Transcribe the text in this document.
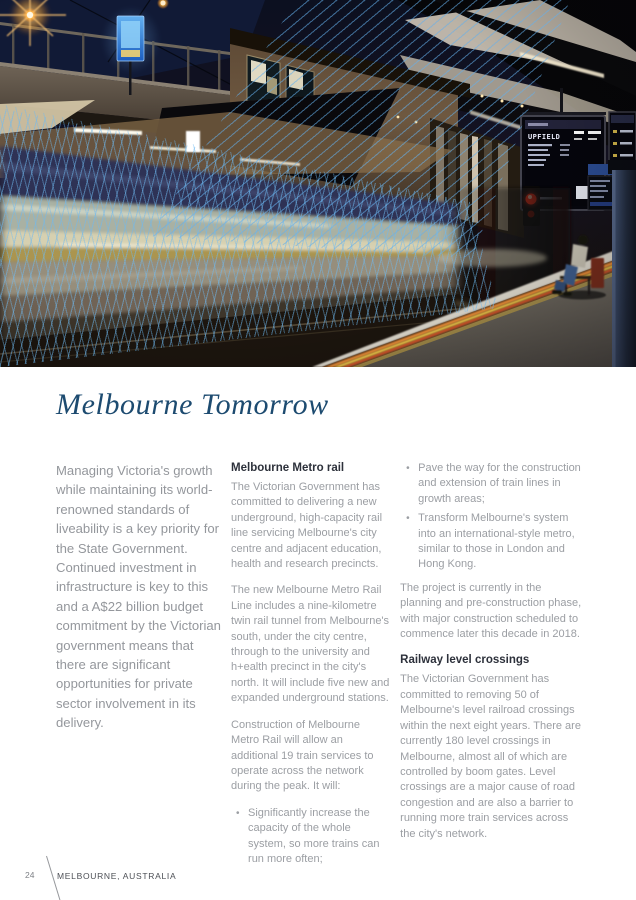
Melbourne Tomorrow

Managing Victoria's growth while maintaining its world-renowned standards of liveability is a key priority for the State Government. Continued investment in infrastructure is key to this and a A$22 billion budget commitment by the Victorian government means that there are significant opportunities for private sector involvement in its delivery.

Melbourne Metro rail

The Victorian Government has committed to delivering a new underground, high-capacity rail line servicing Melbourne's city centre and adjacent education, health and research precincts.

The new Melbourne Metro Rail Line includes a nine-kilometre twin rail tunnel from Melbourne's south, under the city centre, through to the university and h+ealth precinct in the city's north. It will include five new and expanded underground stations.

Construction of Melbourne Metro Rail will allow an additional 19 train services to operate across the network during the peak. It will:

• Significantly increase the capacity of the whole system, so more trains can run more often;
• Pave the way for the construction and extension of train lines in growth areas;
• Transform Melbourne's system into an international-style metro, similar to those in London and Hong Kong.

The project is currently in the planning and pre-construction phase, with major construction scheduled to commence later this decade in 2018.

Railway level crossings

The Victorian Government has committed to removing 50 of Melbourne's level railroad crossings within the next eight years. There are currently 180 level crossings in Melbourne, almost all of which are controlled by boom gates. Level crossings are a major cause of road congestion and are also a barrier to running more train services across the city's network.

24	MELBOURNE, AUSTRALIA
